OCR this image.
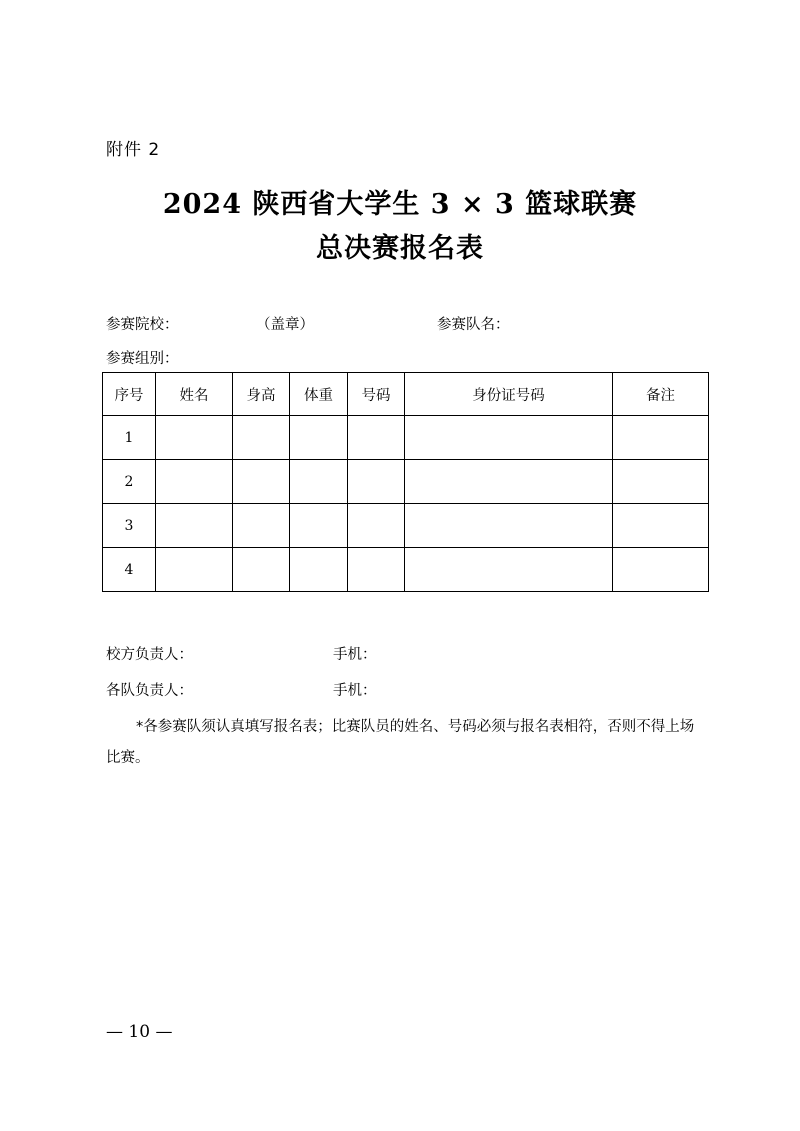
附件 2
2024 陕西省大学生 3 × 3 篮球联赛
总决赛报名表
参赛院校：	（盖章）	参赛队名：
参赛组别：
序号	姓名	身高	体重	号码	身份证号码	备注
1						
2						
3						
4						
校方负责人：	手机：
各队负责人：	手机：
*各参赛队须认真填写报名表；比赛队员的姓名、号码必须与报名表相符，否则不得上场比赛。
— 10 —
